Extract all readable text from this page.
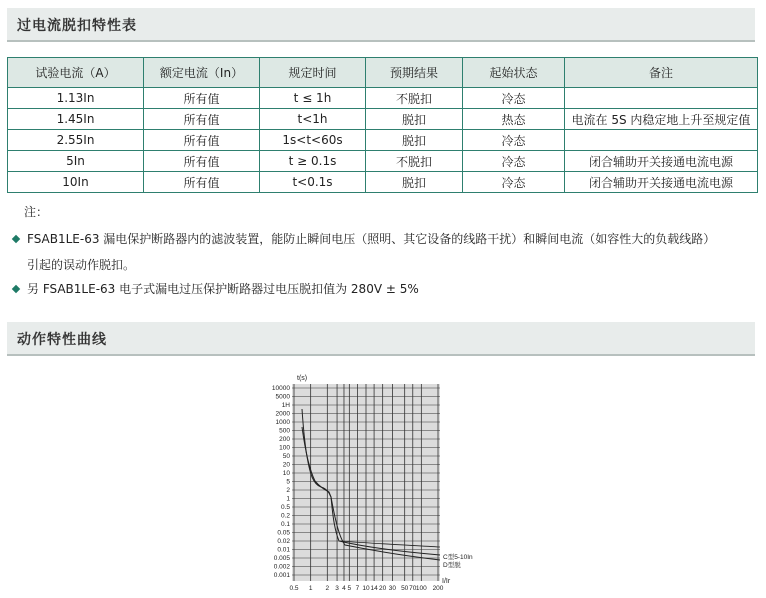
过电流脱扣特性表
试验电流（A）	额定电流（In）	规定时间	预期结果	起始状态	备注
1.13In	所有值	t ≤ 1h	不脱扣	冷态	
1.45In	所有值	t<1h	脱扣	热态	电流在 5S 内稳定地上升至规定值
2.55In	所有值	1s<t<60s	脱扣	冷态	
5In	所有值	t ≥ 0.1s	不脱扣	冷态	闭合辅助开关接通电流电源
10In	所有值	t<0.1s	脱扣	冷态	闭合辅助开关接通电流电源
注：
FSAB1LE-63 漏电保护断路器内的滤波装置，能防止瞬间电压（照明、其它设备的线路干扰）和瞬间电流（如容性大的负载线路）
引起的误动作脱扣。
另 FSAB1LE-63 电子式漏电过压保护断路器过电压脱扣值为 280V ± 5%
动作特性曲线
10000
5000
1H
2000
1000
500
200
100
50
20
10
5
2
1
0.5
0.2
0.1
0.05
0.02
0.01
0.005
0.002
0.001
0.5 1 2 3 4 5 7 10 14 20 30 50 70 100 200
t(s)
I/Ir
C型5-10In
D型脱
